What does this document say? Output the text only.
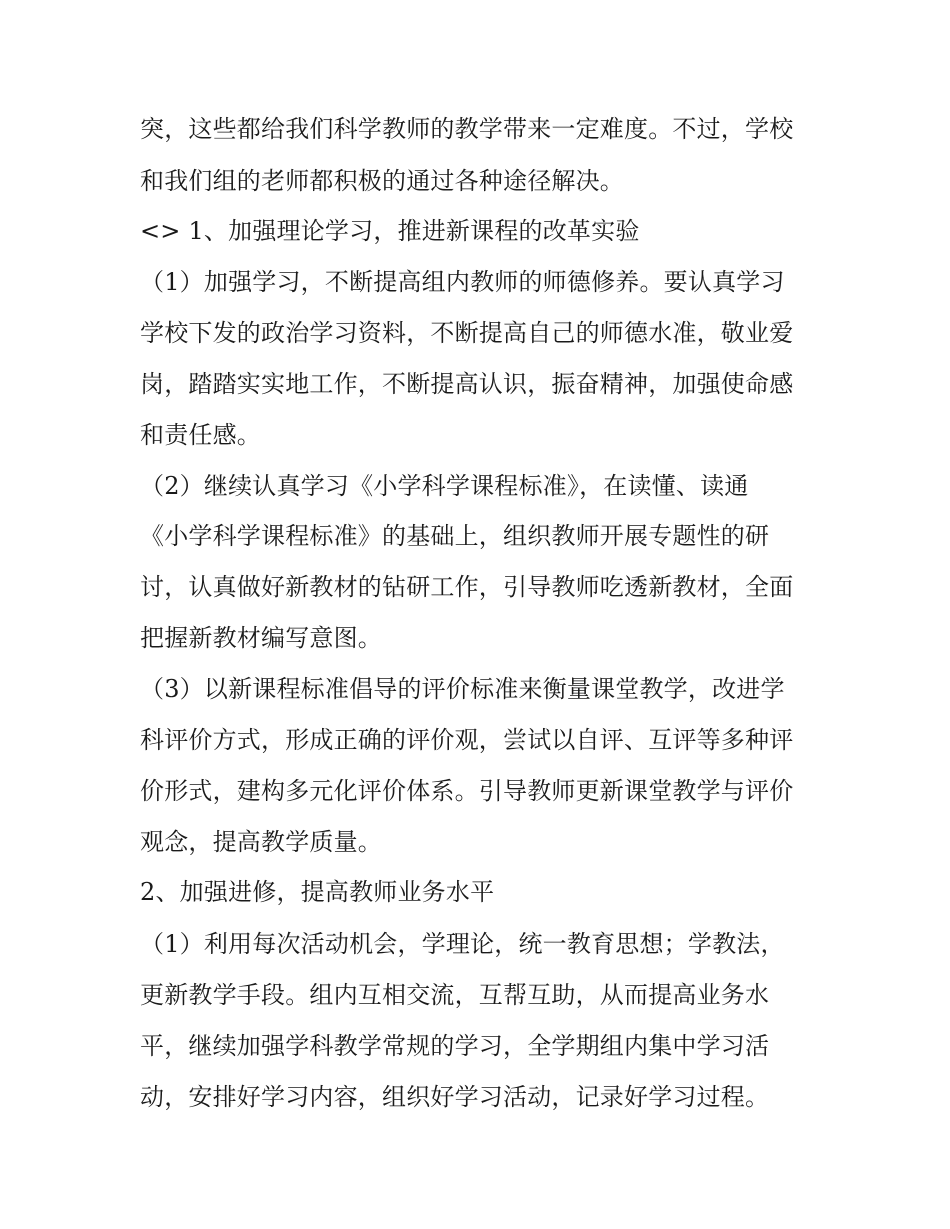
突，这些都给我们科学教师的教学带来一定难度。不过，学校

和我们组的老师都积极的通过各种途径解决。

<> 1、加强理论学习，推进新课程的改革实验

（1）加强学习，不断提高组内教师的师德修养。要认真学习

学校下发的政治学习资料，不断提高自己的师德水准，敬业爱

岗，踏踏实实地工作，不断提高认识，振奋精神，加强使命感

和责任感。

（2）继续认真学习《小学科学课程标准》，在读懂、读通

《小学科学课程标准》的基础上，组织教师开展专题性的研

讨，认真做好新教材的钻研工作，引导教师吃透新教材，全面

把握新教材编写意图。

（3）以新课程标准倡导的评价标准来衡量课堂教学，改进学

科评价方式，形成正确的评价观，尝试以自评、互评等多种评

价形式，建构多元化评价体系。引导教师更新课堂教学与评价

观念，提高教学质量。

2、加强进修，提高教师业务水平

（1）利用每次活动机会，学理论，统一教育思想；学教法，

更新教学手段。组内互相交流，互帮互助，从而提高业务水

平，继续加强学科教学常规的学习，全学期组内集中学习活

动，安排好学习内容，组织好学习活动，记录好学习过程。
